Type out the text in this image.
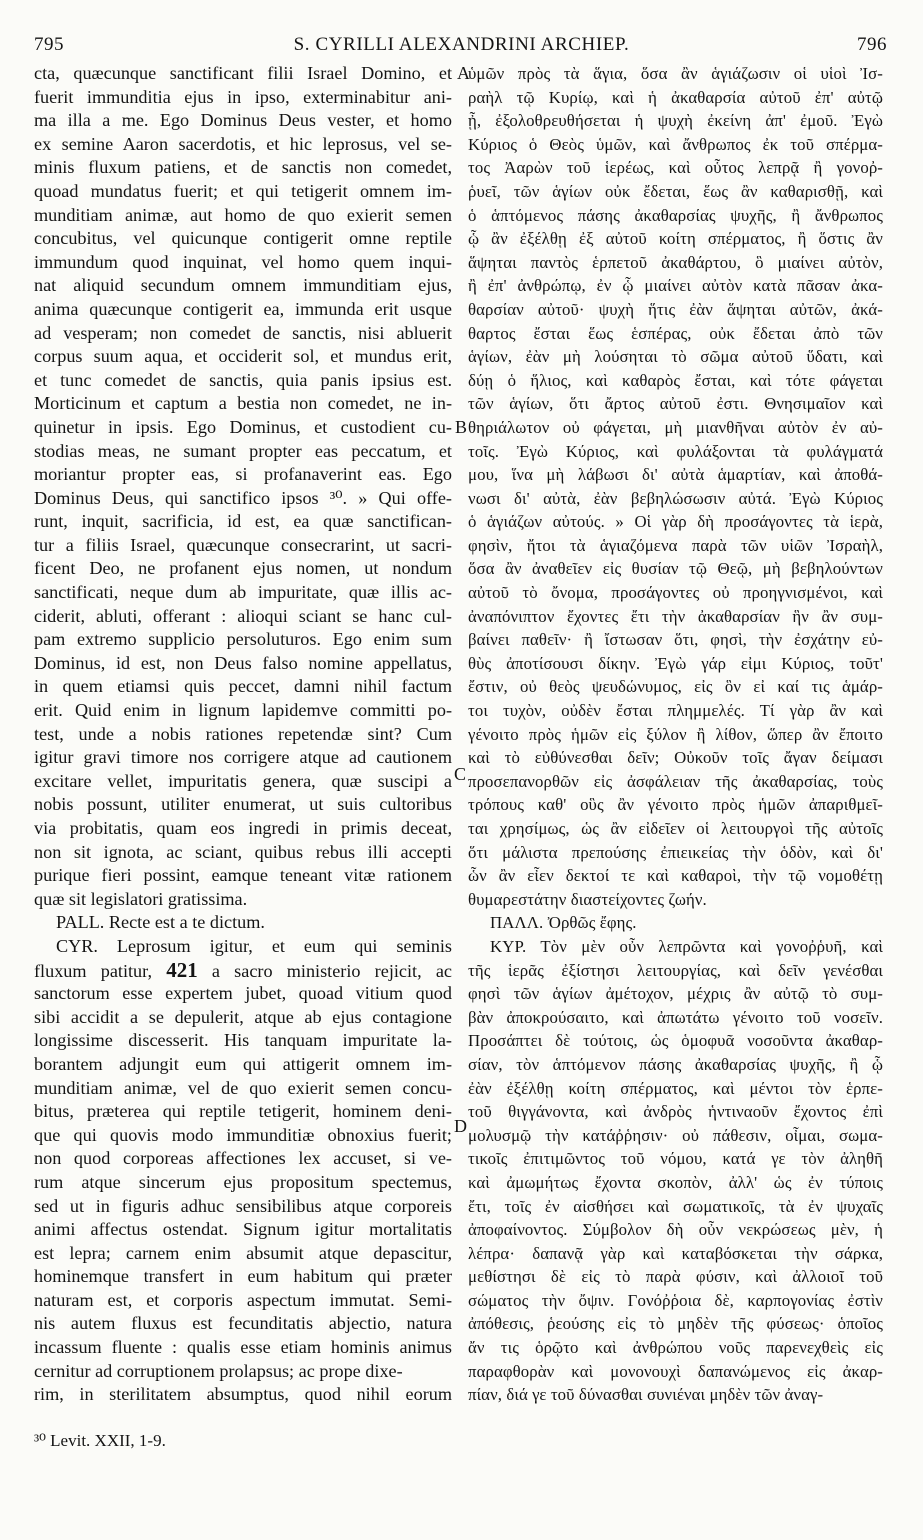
795	S. CYRILLI ALEXANDRINI ARCHIEP.	796
cta, quæcunque sanctificant filii Israel Domino, et
fuerit immunditia ejus in ipso, exterminabitur ani-
ma illa a me. Ego Dominus Deus vester, et homo
ex semine Aaron sacerdotis, et hic leprosus, vel se-
minis fluxum patiens, et de sanctis non comedet,
quoad mundatus fuerit; et qui tetigerit omnem im-
munditiam animæ, aut homo de quo exierit semen
concubitus, vel quicunque contigerit omne reptile
immundum quod inquinat, vel homo quem inqui-
nat aliquid secundum omnem immunditiam ejus,
anima quæcunque contigerit ea, immunda erit usque
ad vesperam; non comedet de sanctis, nisi abluerit
corpus suum aqua, et occiderit sol, et mundus erit,
et tunc comedet de sanctis, quia panis ipsius est.
Morticinum et captum a bestia non comedet, ne in-
quinetur in ipsis. Ego Dominus, et custodient cu-
stodias meas, ne sumant propter eas peccatum, et
moriantur propter eas, si profanaverint eas. Ego
Dominus Deus, qui sanctifico ipsos ³⁰. » Qui offe-
runt, inquit, sacrificia, id est, ea quæ sanctifican-
tur a filiis Israel, quæcunque consecrarint, ut sacri-
ficent Deo, ne profanent ejus nomen, ut nondum
sanctificati, neque dum ab impuritate, quæ illis ac-
ciderit, abluti, offerant : alioqui sciant se hanc cul-
pam extremo supplicio persoluturos. Ego enim sum
Dominus, id est, non Deus falso nomine appellatus,
in quem etiamsi quis peccet, damni nihil factum
erit. Quid enim in lignum lapidemve committi po-
test, unde a nobis rationes repetendæ sint? Cum
igitur gravi timore nos corrigere atque ad cautionem
excitare vellet, impuritatis genera, quæ suscipi a
nobis possunt, utiliter enumerat, ut suis cultoribus
via probitatis, quam eos ingredi in primis deceat,
non sit ignota, ac sciant, quibus rebus illi accepti
purique fieri possint, eamque teneant vitæ rationem
quæ sit legislatori gratissima.
PALL. Recte est a te dictum.
CYR. Leprosum igitur, et eum qui seminis
fluxum patitur, 421 a sacro ministerio rejicit, ac
sanctorum esse expertem jubet, quoad vitium quod
sibi accidit a se depulerit, atque ab ejus contagione
longissime discesserit. His tanquam impuritate la-
borantem adjungit eum qui attigerit omnem im-
munditiam animæ, vel de quo exierit semen concu-
bitus, præterea qui reptile tetigerit, hominem deni-
que qui quovis modo immunditiæ obnoxius fuerit;
non quod corporeas affectiones lex accuset, si ve-
rum atque sincerum ejus propositum spectemus,
sed ut in figuris adhuc sensibilibus atque corporeis
animi affectus ostendat. Signum igitur mortalitatis
est lepra; carnem enim absumit atque depascitur,
hominemque transfert in eum habitum qui præter
naturam est, et corporis aspectum immutat. Semi-
nis autem fluxus est fecunditatis abjectio, natura
incassum fluente : qualis esse etiam hominis animus
cernitur ad corruptionem prolapsus; ac prope dixe-
rim, in sterilitatem absumptus, quod nihil eorum
A
B
C
D
ὑμῶν πρὸς τὰ ἅγια, ὅσα ἂν ἁγιάζωσιν οἱ υἱοὶ Ἰσ-
ραὴλ τῷ Κυρίῳ, καὶ ἡ ἀκαθαρσία αὐτοῦ ἐπ' αὐτῷ
ᾖ, ἐξολοθρευθήσεται ἡ ψυχὴ ἐκείνη ἀπ' ἐμοῦ. Ἐγὼ
Κύριος ὁ Θεὸς ὑμῶν, καὶ ἄνθρωπος ἐκ τοῦ σπέρμα-
τος Ἀαρὼν τοῦ ἱερέως, καὶ οὗτος λεπρᾷ ἢ γονοῤ-
ῥυεῖ, τῶν ἁγίων οὐκ ἔδεται, ἕως ἂν καθαρισθῇ, καὶ
ὁ ἁπτόμενος πάσης ἀκαθαρσίας ψυχῆς, ἢ ἄνθρωπος
ᾧ ἂν ἐξέλθῃ ἐξ αὐτοῦ κοίτη σπέρματος, ἢ ὅστις ἂν
ἅψηται παντὸς ἑρπετοῦ ἀκαθάρτου, ὃ μιαίνει αὐτὸν,
ἢ ἐπ' ἀνθρώπῳ, ἐν ᾧ μιαίνει αὐτὸν κατὰ πᾶσαν ἀκα-
θαρσίαν αὐτοῦ· ψυχὴ ἥτις ἐὰν ἅψηται αὐτῶν, ἀκά-
θαρτος ἔσται ἕως ἑσπέρας, οὐκ ἔδεται ἀπὸ τῶν
ἁγίων, ἐὰν μὴ λούσηται τὸ σῶμα αὐτοῦ ὕδατι, καὶ
δύῃ ὁ ἥλιος, καὶ καθαρὸς ἔσται, καὶ τότε φάγεται
τῶν ἁγίων, ὅτι ἄρτος αὐτοῦ ἐστι. Θνησιμαῖον καὶ
θηριάλωτον οὐ φάγεται, μὴ μιανθῆναι αὐτὸν ἐν αὐ-
τοῖς. Ἐγὼ Κύριος, καὶ φυλάξονται τὰ φυλάγματά
μου, ἵνα μὴ λάβωσι δι' αὐτὰ ἁμαρτίαν, καὶ ἀποθά-
νωσι δι' αὐτὰ, ἐὰν βεβηλώσωσιν αὐτά. Ἐγὼ Κύριος
ὁ ἁγιάζων αὐτούς. » Οἱ γὰρ δὴ προσάγοντες τὰ ἱερὰ,
φησὶν, ἤτοι τὰ ἁγιαζόμενα παρὰ τῶν υἱῶν Ἰσραὴλ,
ὅσα ἂν ἀναθεῖεν εἰς θυσίαν τῷ Θεῷ, μὴ βεβηλούντων
αὐτοῦ τὸ ὄνομα, προσάγοντες οὐ προηγνισμένοι, καὶ
ἀναπόνιπτον ἔχοντες ἔτι τὴν ἀκαθαρσίαν ἣν ἂν συμ-
βαίνει παθεῖν· ἢ ἴστωσαν ὅτι, φησὶ, τὴν ἐσχάτην εὐ-
θὺς ἀποτίσουσι δίκην. Ἐγὼ γάρ εἰμι Κύριος, τοῦτ'
ἔστιν, οὐ θεὸς ψευδώνυμος, εἰς ὃν εἰ καί τις ἁμάρ-
τοι τυχὸν, οὐδὲν ἔσται πλημμελές. Τί γὰρ ἂν καὶ
γένοιτο πρὸς ἡμῶν εἰς ξύλον ἢ λίθον, ὥπερ ἂν ἔποιτο
καὶ τὸ εὐθύνεσθαι δεῖν; Οὐκοῦν τοῖς ἄγαν δείμασι
προσεπανορθῶν εἰς ἀσφάλειαν τῆς ἀκαθαρσίας, τοὺς
τρόπους καθ' οὓς ἂν γένοιτο πρὸς ἡμῶν ἀπαριθμεῖ-
ται χρησίμως, ὡς ἂν εἰδεῖεν οἱ λειτουργοὶ τῆς αὐτοῖς
ὅτι μάλιστα πρεπούσης ἐπιεικείας τὴν ὁδὸν, καὶ δι'
ὧν ἂν εἶεν δεκτοί τε καὶ καθαροὶ, τὴν τῷ νομοθέτῃ
θυμαρεστάτην διαστείχοντες ζωήν.
ΠΑΛΛ. Ὀρθῶς ἔφης.
ΚΥΡ. Τὸν μὲν οὖν λεπρῶντα καὶ γονοῤῥυῆ, καὶ
τῆς ἱερᾶς ἐξίστησι λειτουργίας, καὶ δεῖν γενέσθαι
φησὶ τῶν ἁγίων ἀμέτοχον, μέχρις ἂν αὐτῷ τὸ συμ-
βὰν ἀποκρούσαιτο, καὶ ἀπωτάτω γένοιτο τοῦ νοσεῖν.
Προσάπτει δὲ τούτοις, ὡς ὁμοφυᾶ νοσοῦντα ἀκαθαρ-
σίαν, τὸν ἁπτόμενον πάσης ἀκαθαρσίας ψυχῆς, ἢ ᾧ
ἐὰν ἐξέλθῃ κοίτη σπέρματος, καὶ μέντοι τὸν ἑρπε-
τοῦ θιγγάνοντα, καὶ ἀνδρὸς ἡντιναοῦν ἔχοντος ἐπὶ
μολυσμῷ τὴν κατάῤῥησιν· οὐ πάθεσιν, οἶμαι, σωμα-
τικοῖς ἐπιτιμῶντος τοῦ νόμου, κατά γε τὸν ἀληθῆ
καὶ ἀμωμήτως ἔχοντα σκοπὸν, ἀλλ' ὡς ἐν τύποις
ἔτι, τοῖς ἐν αἰσθήσει καὶ σωματικοῖς, τὰ ἐν ψυχαῖς
ἀποφαίνοντος. Σύμβολον δὴ οὖν νεκρώσεως μὲν, ἡ
λέπρα· δαπανᾷ γὰρ καὶ καταβόσκεται τὴν σάρκα,
μεθίστησι δὲ εἰς τὸ παρὰ φύσιν, καὶ ἀλλοιοῖ τοῦ
σώματος τὴν ὄψιν. Γονόῤῥοια δὲ, καρπογονίας ἐστὶν
ἀπόθεσις, ῥεούσης εἰς τὸ μηδὲν τῆς φύσεως· ὁποῖος
ἄν τις ὁρῷτο καὶ ἀνθρώπου νοῦς παρενεχθεὶς εἰς
παραφθορὰν καὶ μονονουχὶ δαπανώμενος εἰς ἀκαρ-
πίαν, διά γε τοῦ δύνασθαι συνιέναι μηδὲν τῶν ἀναγ-
³⁰ Levit. XXII, 1-9.
